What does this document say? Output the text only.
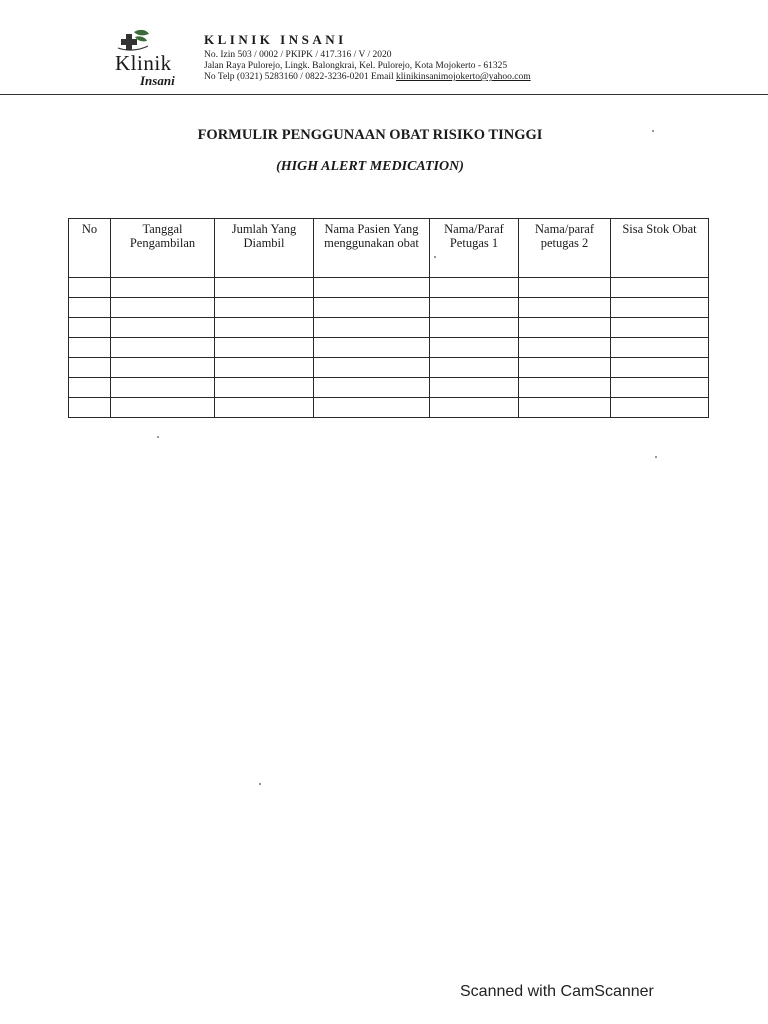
Klinik
Insani
KLINIK INSANI
No. Izin 503 / 0002 / PKIPK / 417.316 / V / 2020
Jalan Raya Pulorejo, Lingk. Balongkrai, Kel. Pulorejo, Kota Mojokerto - 61325
No Telp (0321) 5283160 / 0822-3236-0201 Email klinikinsanimojokerto@yahoo.com
FORMULIR PENGGUNAAN OBAT RISIKO TINGGI
(HIGH ALERT MEDICATION)
No	Tanggal Pengambilan	Jumlah Yang Diambil	Nama Pasien Yang menggunakan obat	Nama/Paraf Petugas 1	Nama/paraf petugas 2	Sisa Stok Obat

Scanned with CamScanner
